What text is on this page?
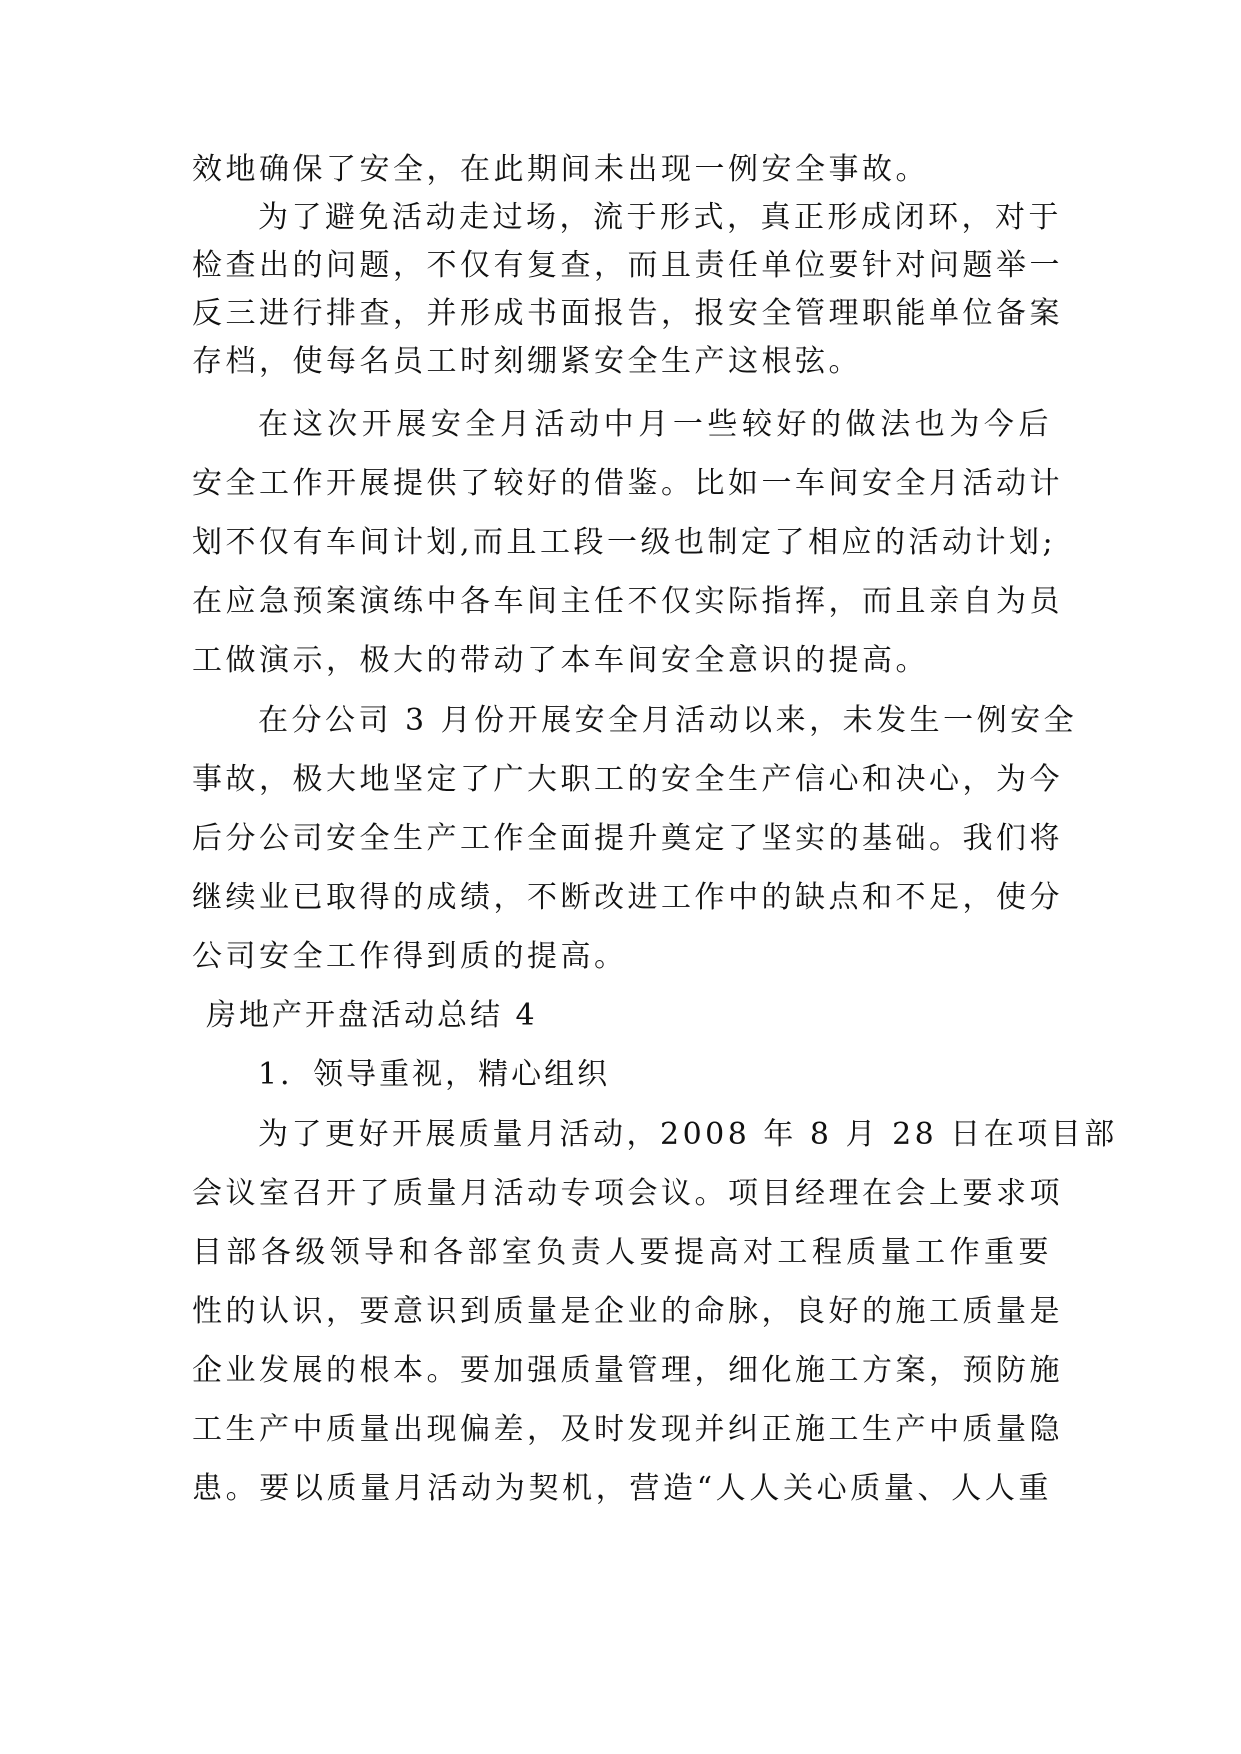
效地确保了安全，在此期间未出现一例安全事故。
为了避免活动走过场，流于形式，真正形成闭环，对于
检查出的问题，不仅有复查，而且责任单位要针对问题举一
反三进行排查，并形成书面报告，报安全管理职能单位备案
存档，使每名员工时刻绷紧安全生产这根弦。
在这次开展安全月活动中月一些较好的做法也为今后
安全工作开展提供了较好的借鉴。比如一车间安全月活动计
划不仅有车间计划,而且工段一级也制定了相应的活动计划;
在应急预案演练中各车间主任不仅实际指挥，而且亲自为员
工做演示，极大的带动了本车间安全意识的提高。
在分公司 3 月份开展安全月活动以来，未发生一例安全
事故，极大地坚定了广大职工的安全生产信心和决心，为今
后分公司安全生产工作全面提升奠定了坚实的基础。我们将
继续业已取得的成绩，不断改进工作中的缺点和不足，使分
公司安全工作得到质的提高。
房地产开盘活动总结 4
1．领导重视，精心组织
为了更好开展质量月活动，2008 年 8 月 28 日在项目部
会议室召开了质量月活动专项会议。项目经理在会上要求项
目部各级领导和各部室负责人要提高对工程质量工作重要
性的认识，要意识到质量是企业的命脉，良好的施工质量是
企业发展的根本。要加强质量管理，细化施工方案，预防施
工生产中质量出现偏差，及时发现并纠正施工生产中质量隐
患。要以质量月活动为契机，营造“人人关心质量、人人重
